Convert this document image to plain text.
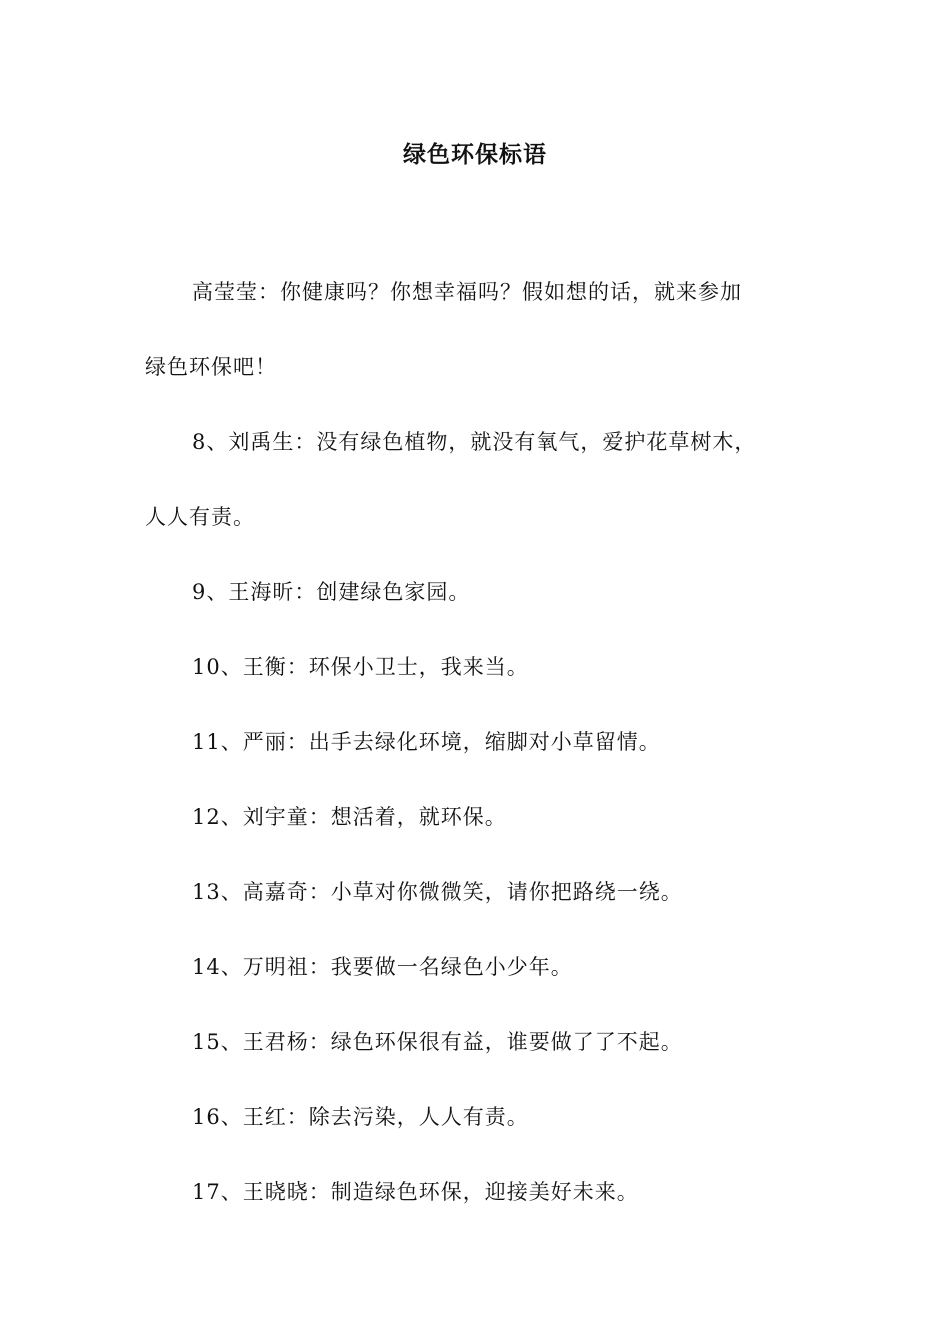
绿色环保标语

高莹莹：你健康吗？你想幸福吗？假如想的话，就来参加
绿色环保吧！

8、刘禹生：没有绿色植物，就没有氧气，爱护花草树木，
人人有责。

9、王海昕：创建绿色家园。

10、王衡：环保小卫士，我来当。

11、严丽：出手去绿化环境，缩脚对小草留情。

12、刘宇童：想活着，就环保。

13、高嘉奇：小草对你微微笑，请你把路绕一绕。

14、万明祖：我要做一名绿色小少年。

15、王君杨：绿色环保很有益，谁要做了了不起。

16、王红：除去污染，人人有责。

17、王晓晓：制造绿色环保，迎接美好未来。
